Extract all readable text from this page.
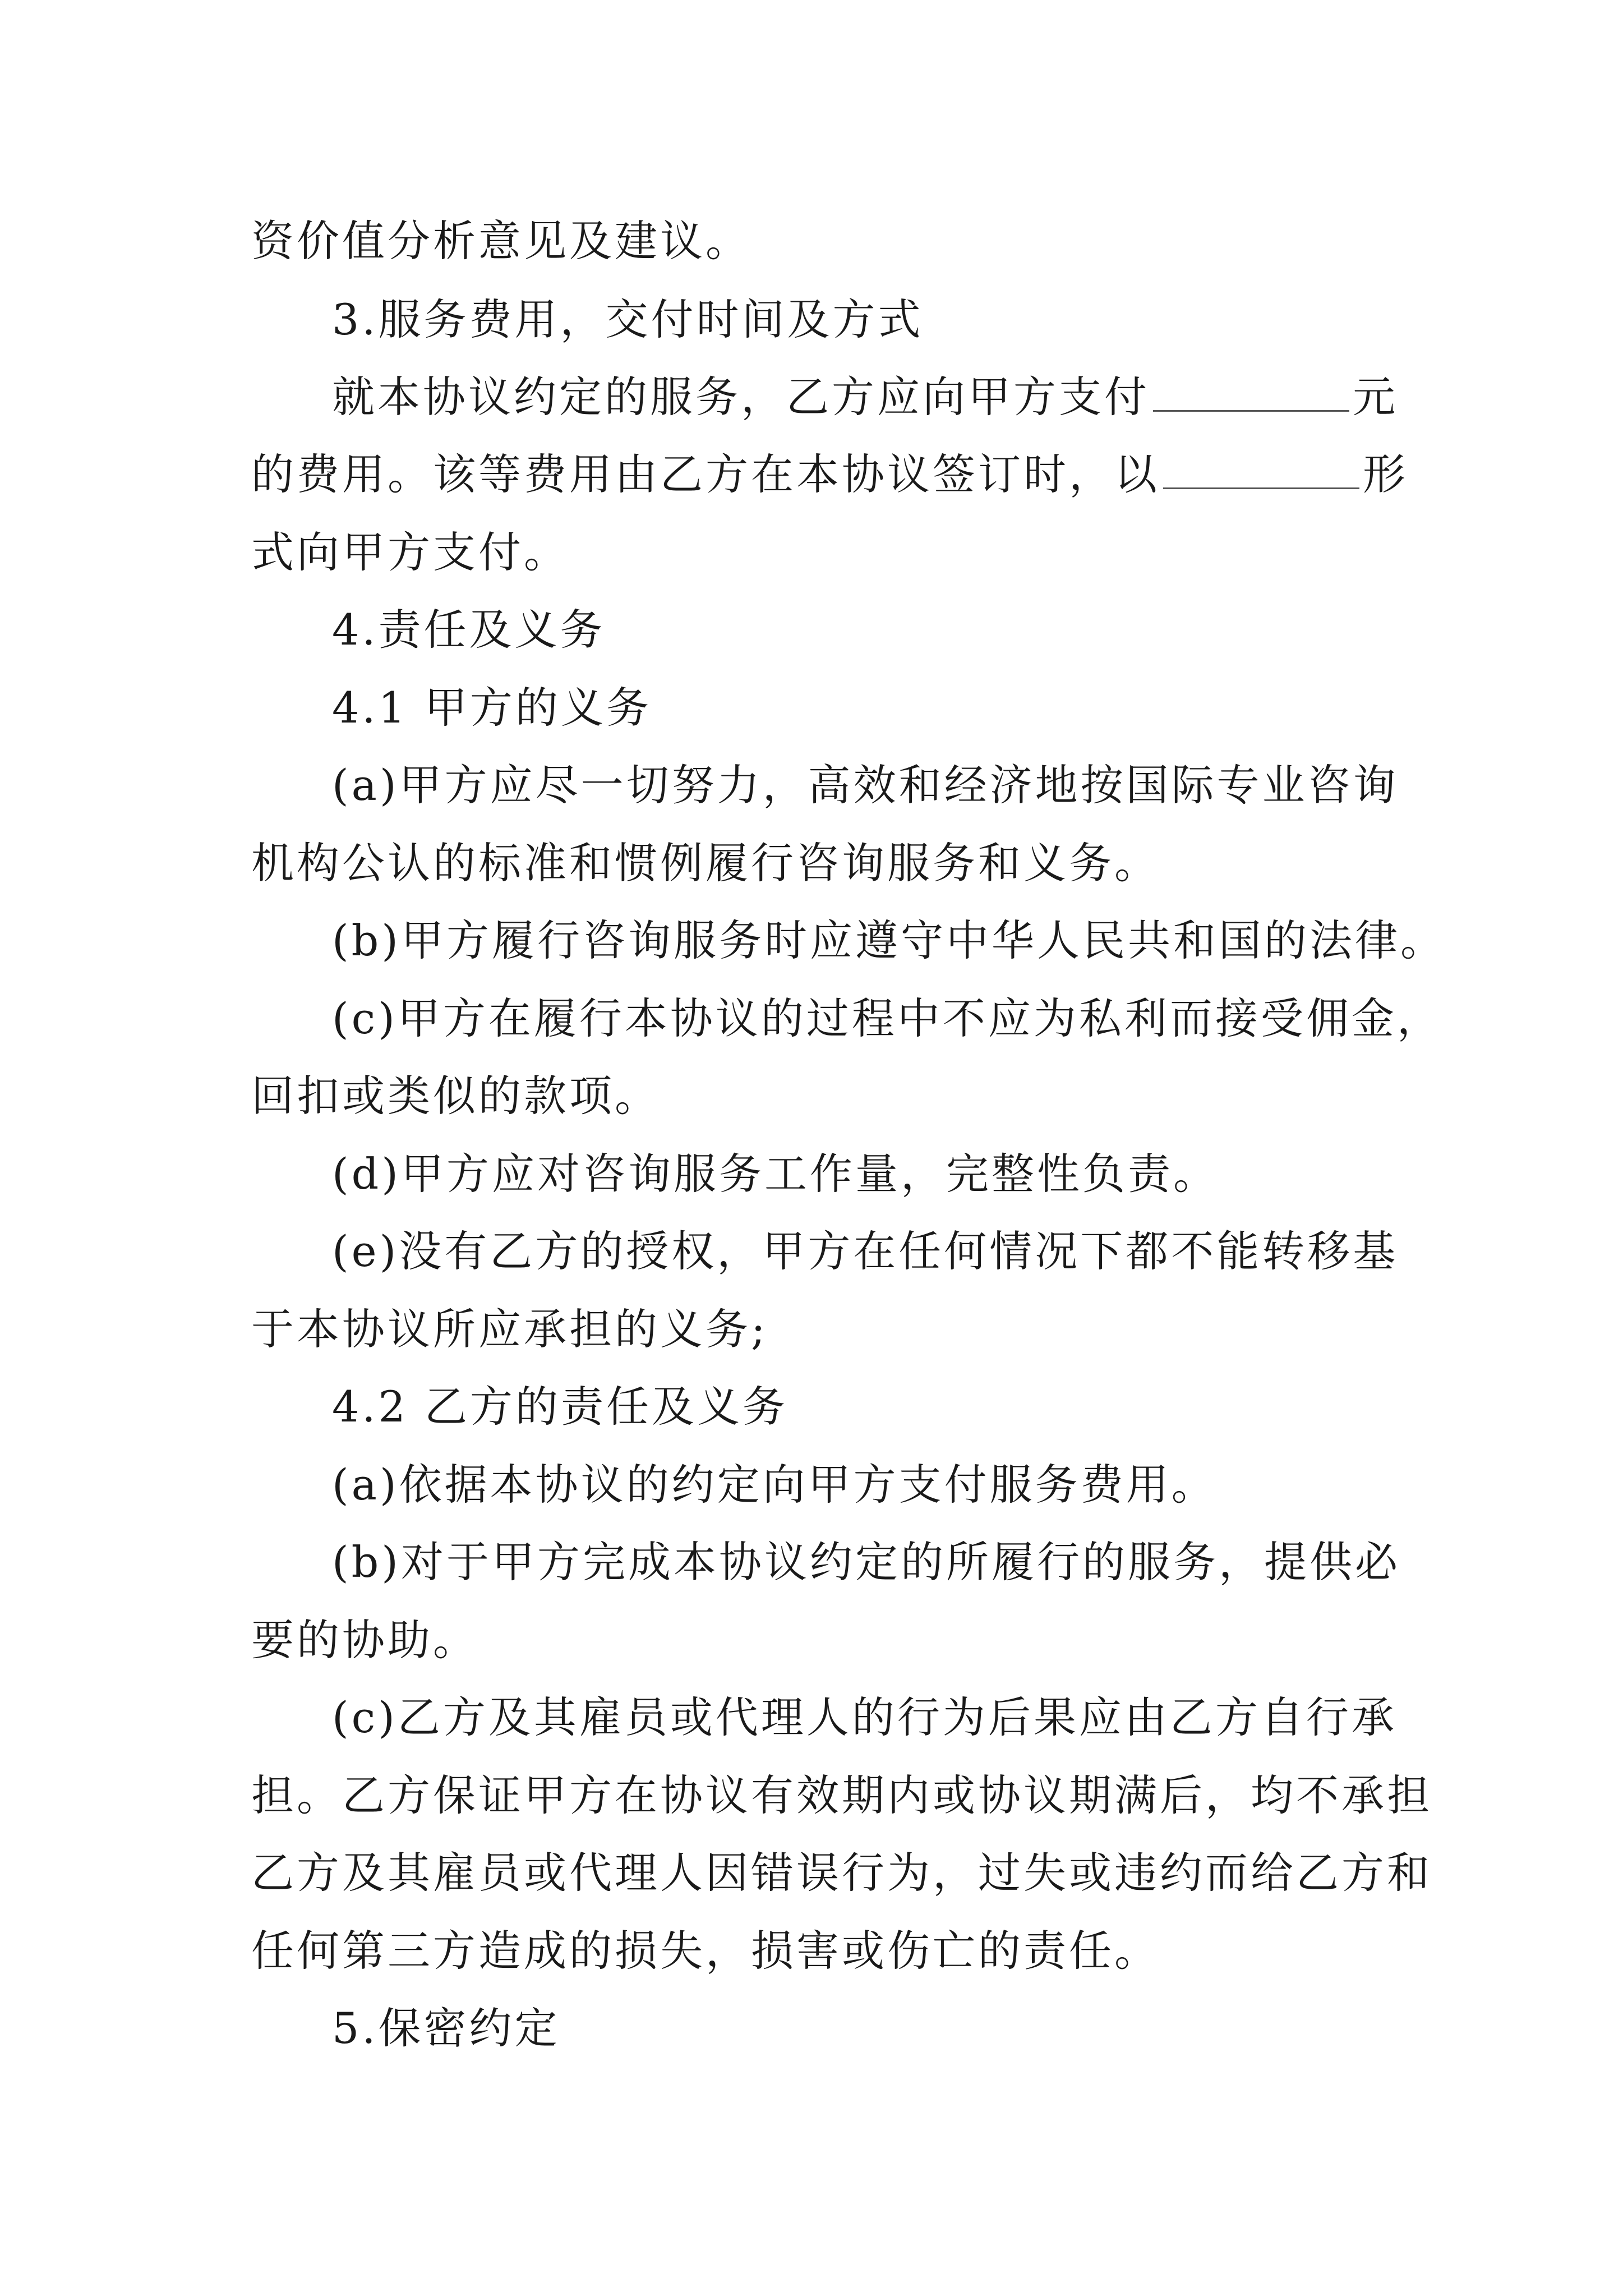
资价值分析意见及建议。
3.服务费用，交付时间及方式
就本协议约定的服务，乙方应向甲方支付	元
的费用。该等费用由乙方在本协议签订时，以	形
式向甲方支付。
4.责任及义务
4.1 甲方的义务
(a)甲方应尽一切努力，高效和经济地按国际专业咨询
机构公认的标准和惯例履行咨询服务和义务。
(b)甲方履行咨询服务时应遵守中华人民共和国的法律。
(c)甲方在履行本协议的过程中不应为私利而接受佣金，
回扣或类似的款项。
(d)甲方应对咨询服务工作量，完整性负责。
(e)没有乙方的授权，甲方在任何情况下都不能转移基
于本协议所应承担的义务;
4.2 乙方的责任及义务
(a)依据本协议的约定向甲方支付服务费用。
(b)对于甲方完成本协议约定的所履行的服务，提供必
要的协助。
(c)乙方及其雇员或代理人的行为后果应由乙方自行承
担。乙方保证甲方在协议有效期内或协议期满后，均不承担
乙方及其雇员或代理人因错误行为，过失或违约而给乙方和
任何第三方造成的损失，损害或伤亡的责任。
5.保密约定
